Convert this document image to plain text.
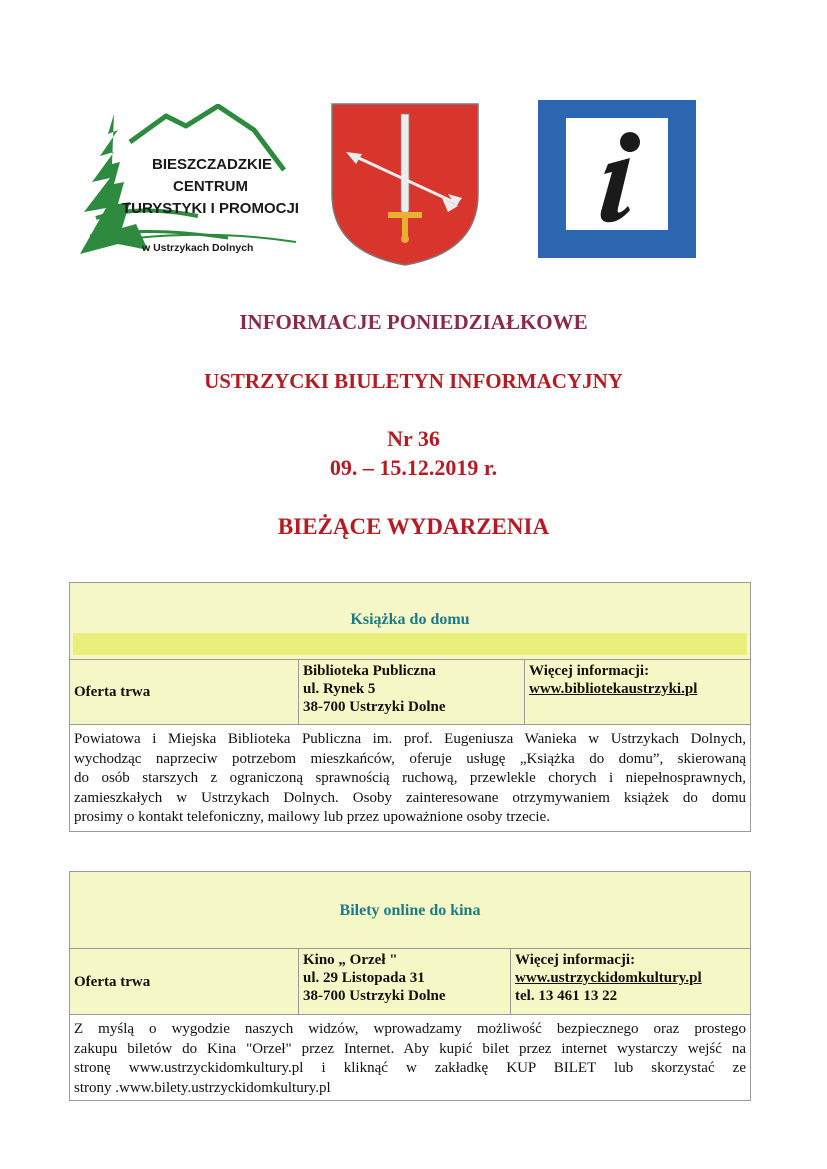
BIESZCZADZKIE
CENTRUM
TURYSTYKI I PROMOCJI
w Ustrzykach Dolnych
INFORMACJE PONIEDZIAŁKOWE
USTRZYCKI BIULETYN INFORMACYJNY
Nr 36
09. – 15.12.2019 r.
BIEŻĄCE WYDARZENIA
Książka do domu
Oferta trwa
Biblioteka Publiczna
ul. Rynek 5
38-700 Ustrzyki Dolne
Więcej informacji:
www.bibliotekaustrzyki.pl
Powiatowa i Miejska Biblioteka Publiczna im. prof. Eugeniusza Wanieka w Ustrzykach Dolnych,
wychodząc naprzeciw potrzebom mieszkańców, oferuje usługę „Książka do domu”, skierowaną
do osób starszych z ograniczoną sprawnością ruchową, przewlekle chorych i niepełnosprawnych,
zamieszkałych w Ustrzykach Dolnych. Osoby zainteresowane otrzymywaniem książek do domu
prosimy o kontakt telefoniczny, mailowy lub przez upoważnione osoby trzecie.
Bilety online do kina
Oferta trwa
Kino „ Orzeł "
ul. 29 Listopada 31
38-700 Ustrzyki Dolne
Więcej informacji:
www.ustrzyckidomkultury.pl
tel. 13 461 13 22
Z myślą o wygodzie naszych widzów, wprowadzamy możliwość bezpiecznego oraz prostego
zakupu biletów do Kina "Orzeł" przez Internet. Aby kupić bilet przez internet wystarczy wejść na
stronę www.ustrzyckidomkultury.pl i kliknąć w zakładkę KUP BILET lub skorzystać ze
strony .www.bilety.ustrzyckidomkultury.pl
